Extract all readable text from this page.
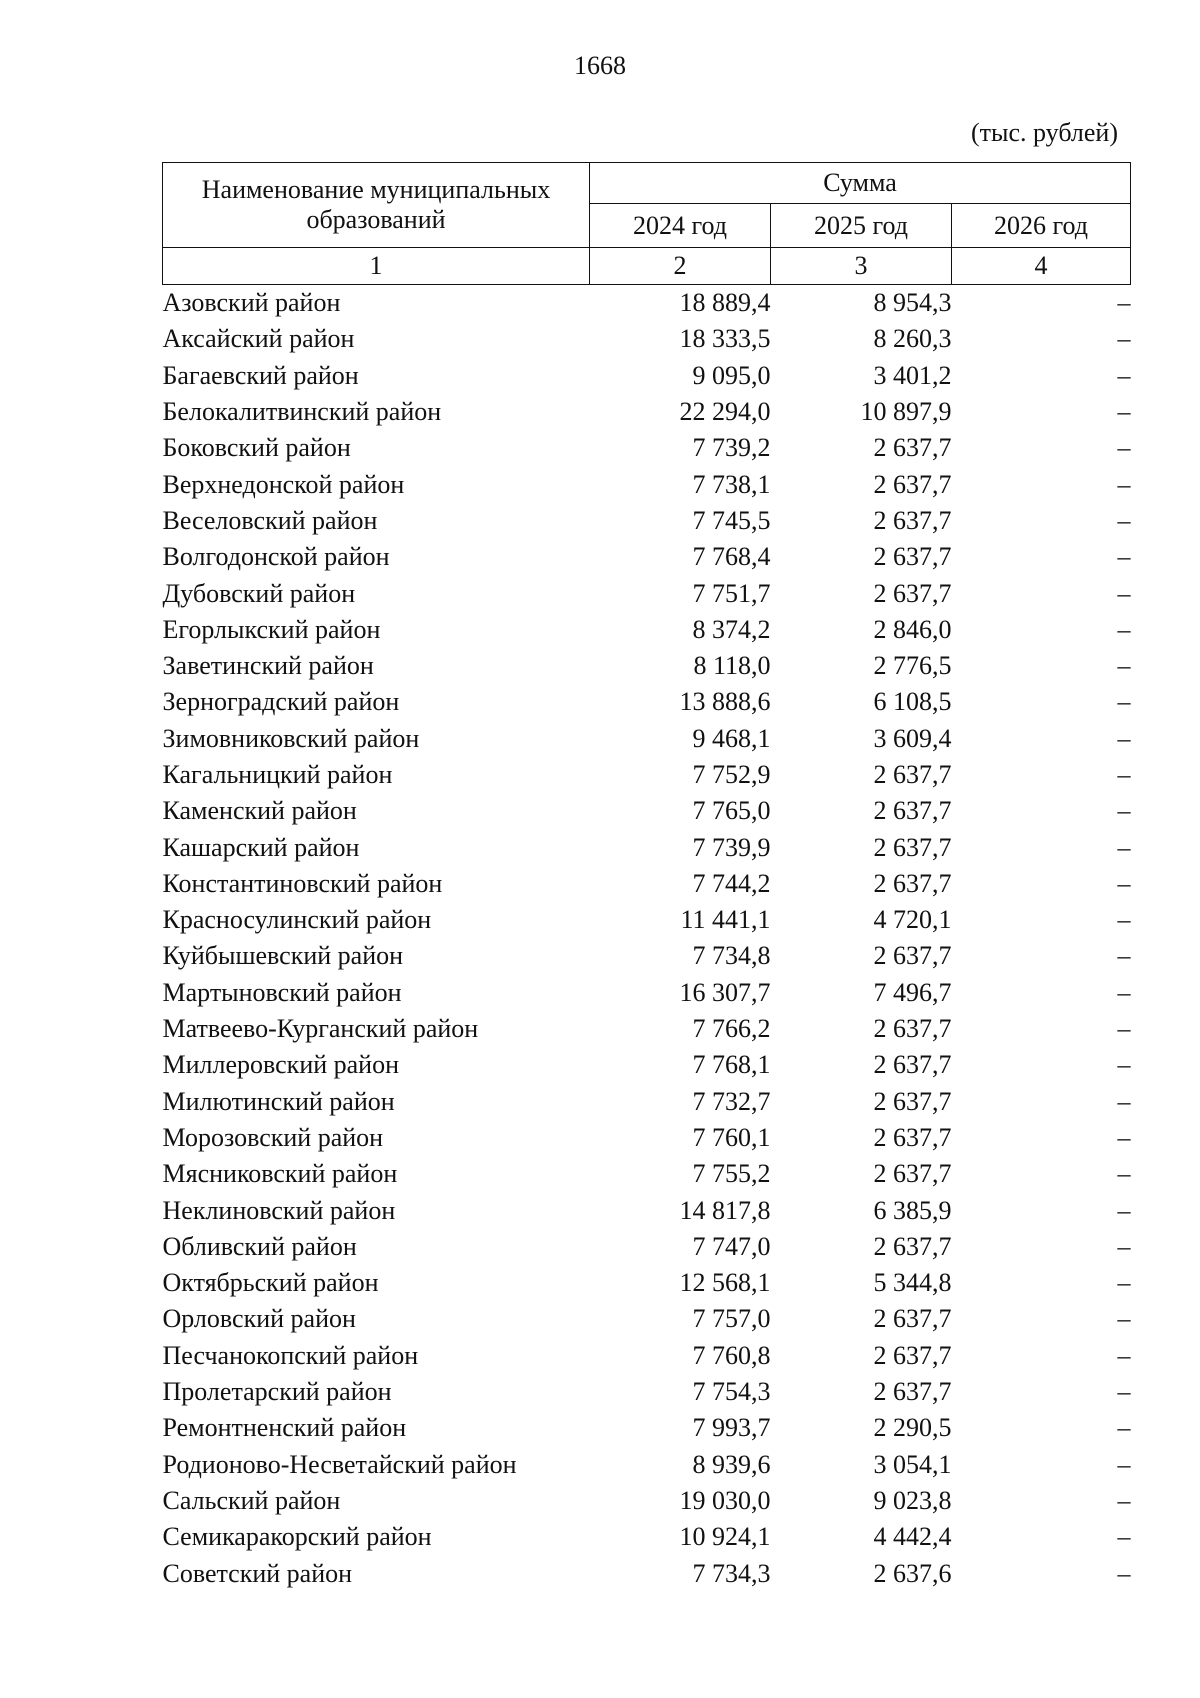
1668
(тыс. рублей)
Наименование муниципальных образований	Сумма		
	2024 год	2025 год	2026 год
1	2	3	4
Азовский район	18 889,4	8 954,3	–
Аксайский район	18 333,5	8 260,3	–
Багаевский район	9 095,0	3 401,2	–
Белокалитвинский район	22 294,0	10 897,9	–
Боковский район	7 739,2	2 637,7	–
Верхнедонской район	7 738,1	2 637,7	–
Веселовский район	7 745,5	2 637,7	–
Волгодонской район	7 768,4	2 637,7	–
Дубовский район	7 751,7	2 637,7	–
Егорлыкский район	8 374,2	2 846,0	–
Заветинский район	8 118,0	2 776,5	–
Зерноградский район	13 888,6	6 108,5	–
Зимовниковский район	9 468,1	3 609,4	–
Кагальницкий район	7 752,9	2 637,7	–
Каменский район	7 765,0	2 637,7	–
Кашарский район	7 739,9	2 637,7	–
Константиновский район	7 744,2	2 637,7	–
Красносулинский район	11 441,1	4 720,1	–
Куйбышевский район	7 734,8	2 637,7	–
Мартыновский район	16 307,7	7 496,7	–
Матвеево-Курганский район	7 766,2	2 637,7	–
Миллеровский район	7 768,1	2 637,7	–
Милютинский район	7 732,7	2 637,7	–
Морозовский район	7 760,1	2 637,7	–
Мясниковский район	7 755,2	2 637,7	–
Неклиновский район	14 817,8	6 385,9	–
Обливский район	7 747,0	2 637,7	–
Октябрьский район	12 568,1	5 344,8	–
Орловский район	7 757,0	2 637,7	–
Песчанокопский район	7 760,8	2 637,7	–
Пролетарский район	7 754,3	2 637,7	–
Ремонтненский район	7 993,7	2 290,5	–
Родионово-Несветайский район	8 939,6	3 054,1	–
Сальский район	19 030,0	9 023,8	–
Семикаракорский район	10 924,1	4 442,4	–
Советский район	7 734,3	2 637,6	–
